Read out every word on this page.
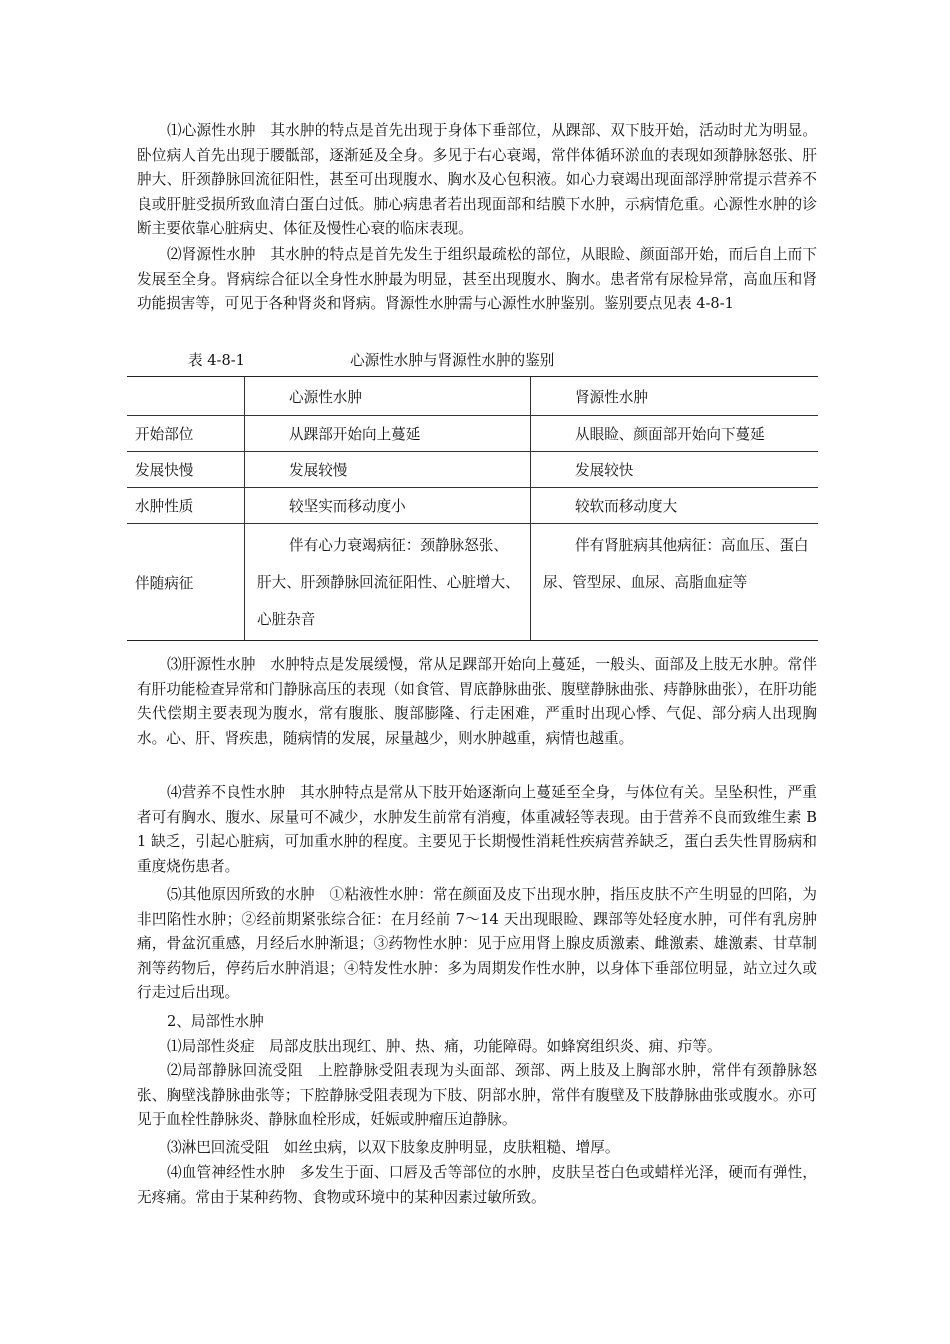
⑴心源性水肿　其水肿的特点是首先出现于身体下垂部位，从踝部、双下肢开始，活动时尤为明显。卧位病人首先出现于腰骶部，逐渐延及全身。多见于右心衰竭，常伴体循环淤血的表现如颈静脉怒张、肝肿大、肝颈静脉回流征阳性，甚至可出现腹水、胸水及心包积液。如心力衰竭出现面部浮肿常提示营养不良或肝脏受损所致血清白蛋白过低。肺心病患者若出现面部和结膜下水肿，示病情危重。心源性水肿的诊断主要依靠心脏病史、体征及慢性心衰的临床表现。

⑵肾源性水肿　其水肿的特点是首先发生于组织最疏松的部位，从眼睑、颜面部开始，而后自上而下发展至全身。肾病综合征以全身性水肿最为明显，甚至出现腹水、胸水。患者常有尿检异常，高血压和肾功能损害等，可见于各种肾炎和肾病。肾源性水肿需与心源性水肿鉴别。鉴别要点见表 4-8-1

表 4-8-1	心源性水肿与肾源性水肿的鉴别

	心源性水肿	肾源性水肿

开始部位	从踝部开始向上蔓延	从眼睑、颜面部开始向下蔓延

发展快慢	发展较慢	发展较快

水肿性质	较坚实而移动度小	较软而移动度大

伴随病征	伴有心力衰竭病征：颈静脉怒张、肝大、肝颈静脉回流征阳性、心脏增大、心脏杂音	伴有肾脏病其他病征：高血压、蛋白尿、管型尿、血尿、高脂血症等

⑶肝源性水肿　水肿特点是发展缓慢，常从足踝部开始向上蔓延，一般头、面部及上肢无水肿。常伴有肝功能检查异常和门静脉高压的表现（如食管、胃底静脉曲张、腹壁静脉曲张、痔静脉曲张），在肝功能失代偿期主要表现为腹水，常有腹胀、腹部膨隆、行走困难，严重时出现心悸、气促、部分病人出现胸水。心、肝、肾疾患，随病情的发展，尿量越少，则水肿越重，病情也越重。

⑷营养不良性水肿　其水肿特点是常从下肢开始逐渐向上蔓延至全身，与体位有关。呈坠积性，严重者可有胸水、腹水、尿量可不减少，水肿发生前常有消瘦，体重减轻等表现。由于营养不良而致维生素 B1 缺乏，引起心脏病，可加重水肿的程度。主要见于长期慢性消耗性疾病营养缺乏，蛋白丢失性胃肠病和重度烧伤患者。

⑸其他原因所致的水肿　①粘液性水肿：常在颜面及皮下出现水肿，指压皮肤不产生明显的凹陷，为非凹陷性水肿；②经前期紧张综合征：在月经前 7～14 天出现眼睑、踝部等处轻度水肿，可伴有乳房肿痛，骨盆沉重感，月经后水肿渐退；③药物性水肿：见于应用肾上腺皮质激素、雌激素、雄激素、甘草制剂等药物后，停药后水肿消退；④特发性水肿：多为周期发作性水肿，以身体下垂部位明显，站立过久或行走过后出现。

2、局部性水肿

⑴局部性炎症　局部皮肤出现红、肿、热、痛，功能障碍。如蜂窝组织炎、痈、疖等。

⑵局部静脉回流受阻　上腔静脉受阻表现为头面部、颈部、两上肢及上胸部水肿，常伴有颈静脉怒张、胸壁浅静脉曲张等；下腔静脉受阻表现为下肢、阴部水肿，常伴有腹壁及下肢静脉曲张或腹水。亦可见于血栓性静脉炎、静脉血栓形成，妊娠或肿瘤压迫静脉。

⑶淋巴回流受阻　如丝虫病，以双下肢象皮肿明显，皮肤粗糙、增厚。

⑷血管神经性水肿　多发生于面、口唇及舌等部位的水肿，皮肤呈苍白色或蜡样光泽，硬而有弹性，无疼痛。常由于某种药物、食物或环境中的某种因素过敏所致。
